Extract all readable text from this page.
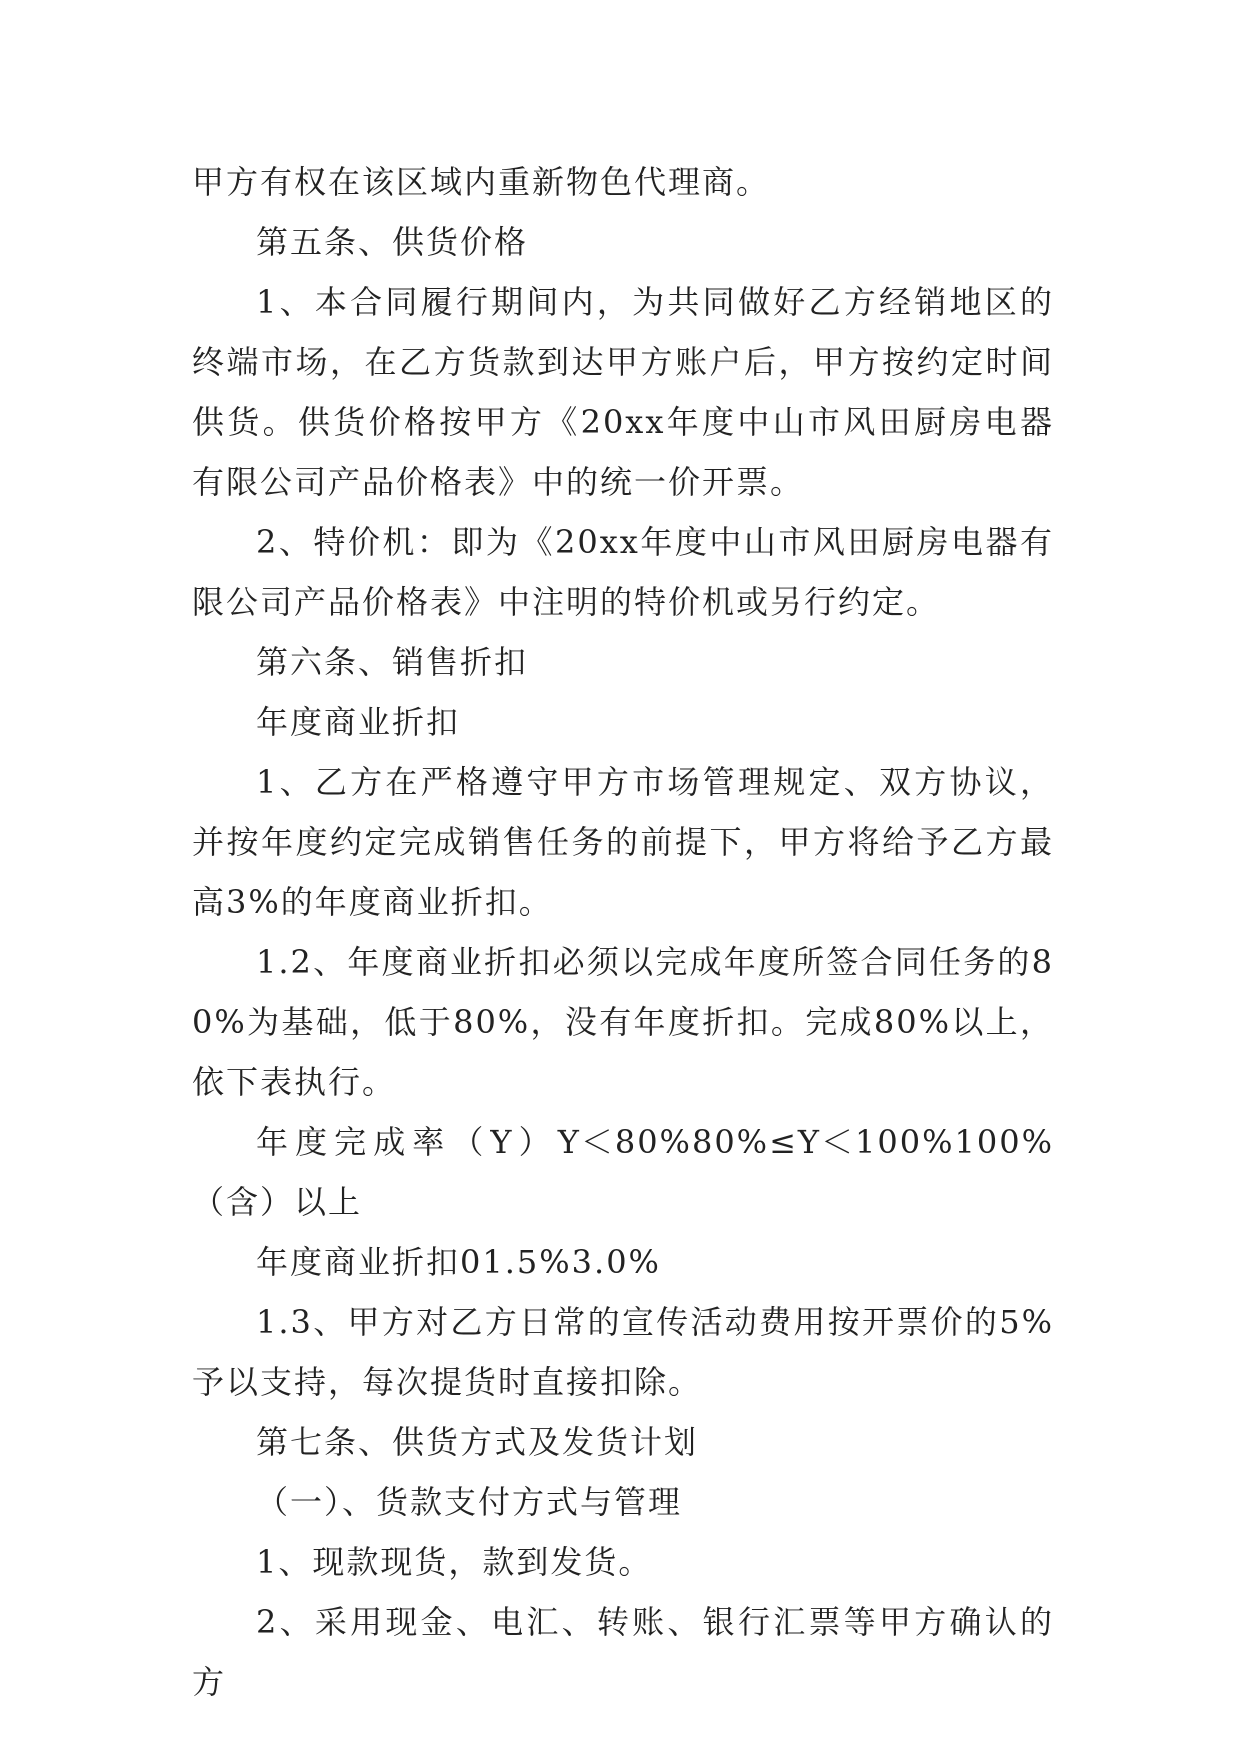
甲方有权在该区域内重新物色代理商。

第五条、供货价格

1、本合同履行期间内，为共同做好乙方经销地区的终端市场，在乙方货款到达甲方账户后，甲方按约定时间供货。供货价格按甲方《20xx年度中山市风田厨房电器有限公司产品价格表》中的统一价开票。

2、特价机：即为《20xx年度中山市风田厨房电器有限公司产品价格表》中注明的特价机或另行约定。

第六条、销售折扣

年度商业折扣

1、乙方在严格遵守甲方市场管理规定、双方协议，并按年度约定完成销售任务的前提下，甲方将给予乙方最高3%的年度商业折扣。

1.2、年度商业折扣必须以完成年度所签合同任务的80%为基础，低于80%，没有年度折扣。完成80%以上，依下表执行。

年度完成率（Y）Y＜80%80%≤Y＜100%100%（含）以上

年度商业折扣01.5%3.0%

1.3、甲方对乙方日常的宣传活动费用按开票价的5%予以支持，每次提货时直接扣除。

第七条、供货方式及发货计划

（一）、货款支付方式与管理

1、现款现货，款到发货。

2、采用现金、电汇、转账、银行汇票等甲方确认的方
